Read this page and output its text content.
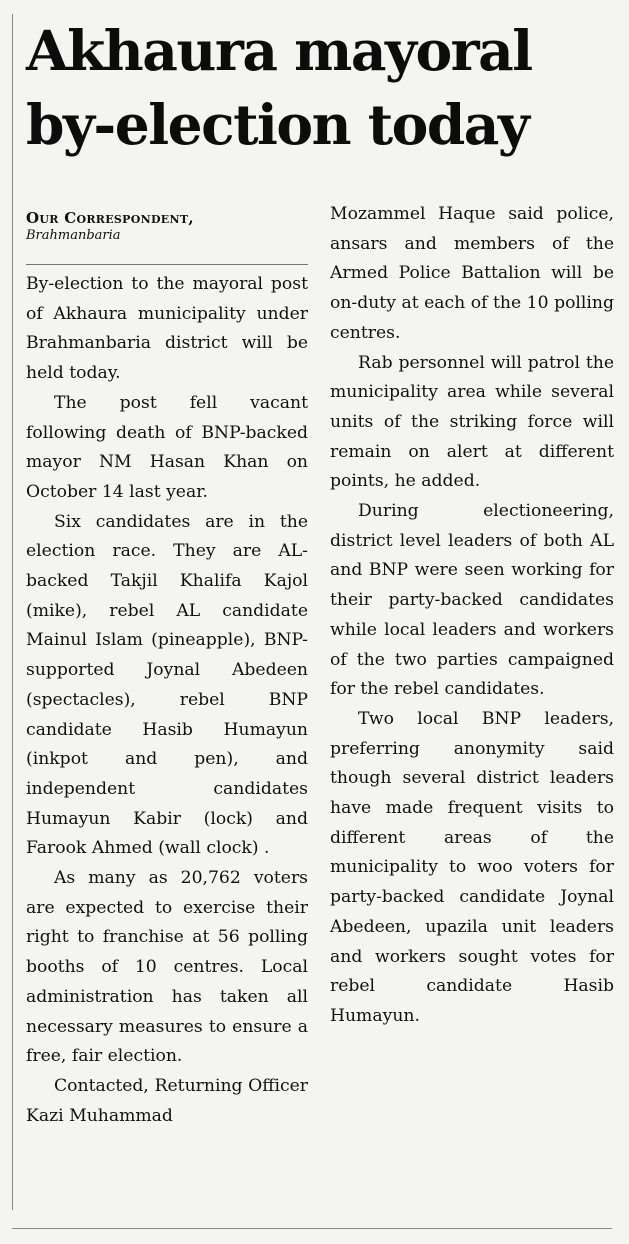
Akhaura mayoral
by-election today
Our Correspondent,
Brahmanbaria

By-election to the mayoral post of Akhaura municipality under Brahmanbaria district will be held today.

The post fell vacant following death of BNP-backed mayor NM Hasan Khan on October 14 last year.

Six candidates are in the election race. They are AL-backed Takjil Khalifa Kajol (mike), rebel AL candidate Mainul Islam (pineapple), BNP-supported Joynal Abedeen (spectacles), rebel BNP candidate Hasib Humayun (inkpot and pen), and independent candidates Humayun Kabir (lock) and Farook Ahmed (wall clock) .

As many as 20,762 voters are expected to exercise their right to franchise at 56 polling booths of 10 centres. Local administration has taken all necessary measures to ensure a free, fair election.

Contacted, Returning Officer Kazi Muhammad

Mozammel Haque said police, ansars and members of the Armed Police Battalion will be on-duty at each of the 10 polling centres.

Rab personnel will patrol the municipality area while several units of the striking force will remain on alert at different points, he added.

During electioneering, district level leaders of both AL and BNP were seen working for their party-backed candidates while local leaders and workers of the two parties campaigned for the rebel candidates.

Two local BNP leaders, preferring anonymity said though several district leaders have made frequent visits to different areas of the municipality to woo voters for party-backed candidate Joynal Abedeen, upazila unit leaders and workers sought votes for rebel candidate Hasib Humayun.
